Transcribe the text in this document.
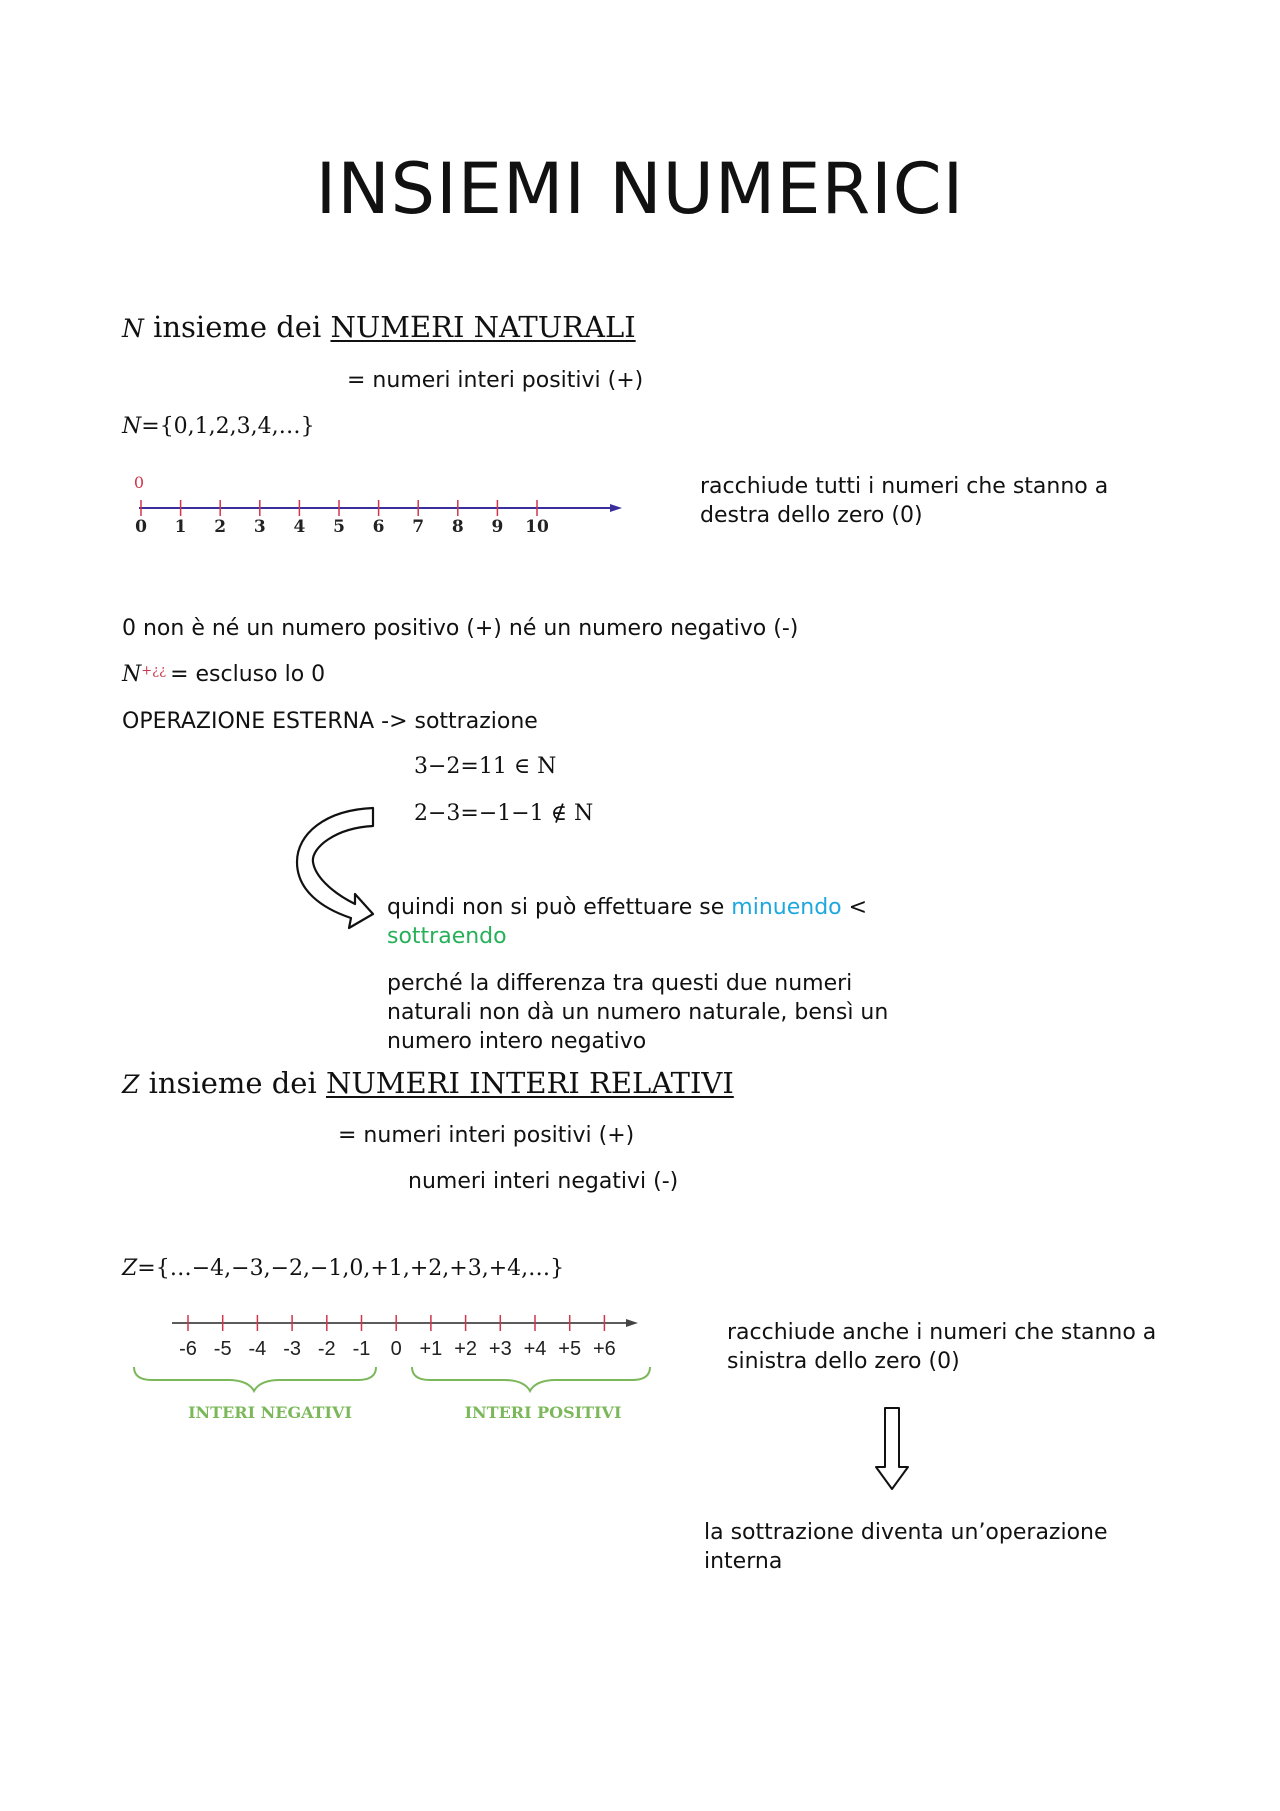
INSIEMI NUMERICI
N insieme dei NUMERI NATURALI
= numeri interi positivi (+)
N={0,1,2,3,4,…}
0
0 1 2 3 4 5 6 7 8 9 10
racchiude tutti i numeri che stanno a destra dello zero (0)
0 non è né un numero positivo (+) né un numero negativo (-)
N+¿¿ = escluso lo 0
OPERAZIONE ESTERNA -> sottrazione
3−2=11 ∈ N
2−3=−1−1 ∉ N
quindi non si può effettuare se minuendo <
sottraendo
perché la differenza tra questi due numeri naturali non dà un numero naturale, bensì un numero intero negativo
Z insieme dei NUMERI INTERI RELATIVI
= numeri interi positivi (+)
numeri interi negativi (-)
Z={…−4,−3,−2,−1,0,+1,+2,+3,+4,…}
-6 -5 -4 -3 -2 -1 0 +1 +2 +3 +4 +5 +6
INTERI NEGATIVI	INTERI POSITIVI
racchiude anche i numeri che stanno a sinistra dello zero (0)
la sottrazione diventa un’operazione interna
